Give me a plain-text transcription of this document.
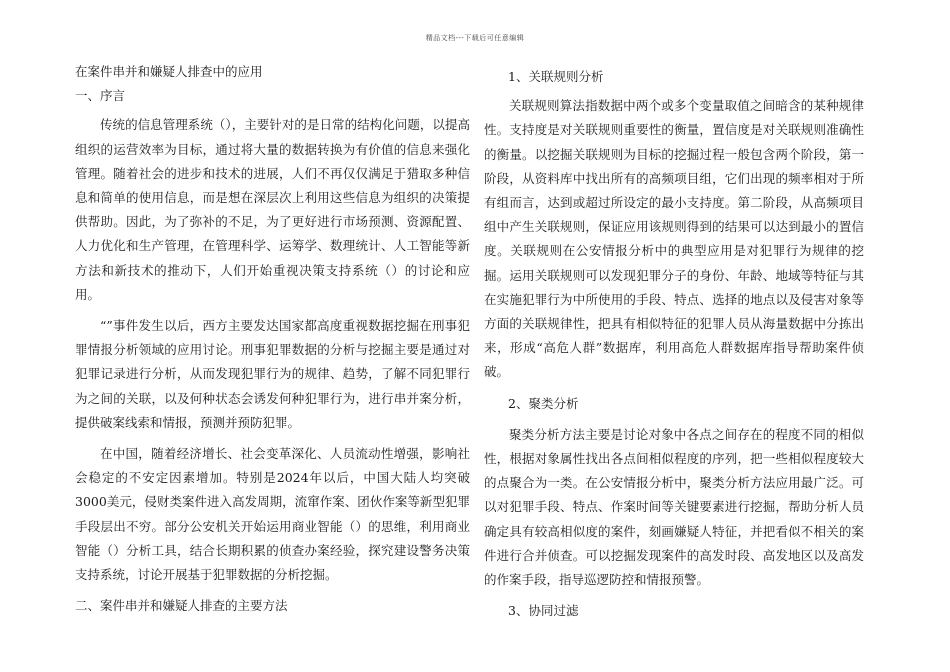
精品文档---下载后可任意编辑

在案件串并和嫌疑人排查中的应用

一、序言

传统的信息管理系统（），主要针对的是日常的结构化问题，以提高组织的运营效率为目标，通过将大量的数据转换为有价值的信息来强化管理。随着社会的进步和技术的进展，人们不再仅仅满足于猎取多种信息和简单的使用信息，而是想在深层次上利用这些信息为组织的决策提供帮助。因此，为了弥补的不足，为了更好进行市场预测、资源配置、人力优化和生产管理，在管理科学、运筹学、数理统计、人工智能等新方法和新技术的推动下，人们开始重视决策支持系统（）的讨论和应用。

“”事件发生以后，西方主要发达国家都高度重视数据挖掘在刑事犯罪情报分析领域的应用讨论。刑事犯罪数据的分析与挖掘主要是通过对犯罪记录进行分析，从而发现犯罪行为的规律、趋势，了解不同犯罪行为之间的关联，以及何种状态会诱发何种犯罪行为，进行串并案分析，提供破案线索和情报，预测并预防犯罪。

在中国，随着经济增长、社会变革深化、人员流动性增强，影响社会稳定的不安定因素增加。特别是2024年以后，中国大陆人均突破3000美元，侵财类案件进入高发周期，流窜作案、团伙作案等新型犯罪手段层出不穷。部分公安机关开始运用商业智能（）的思维，利用商业智能（）分析工具，结合长期积累的侦查办案经验，探究建设警务决策支持系统，讨论开展基于犯罪数据的分析挖掘。

二、案件串并和嫌疑人排查的主要方法

1、关联规则分析

关联规则算法指数据中两个或多个变量取值之间暗含的某种规律性。支持度是对关联规则重要性的衡量，置信度是对关联规则准确性的衡量。以挖掘关联规则为目标的挖掘过程一般包含两个阶段，第一阶段，从资料库中找出所有的高频项目组，它们出现的频率相对于所有组而言，达到或超过所设定的最小支持度。第二阶段，从高频项目组中产生关联规则，保证应用该规则得到的结果可以达到最小的置信度。关联规则在公安情报分析中的典型应用是对犯罪行为规律的挖掘。运用关联规则可以发现犯罪分子的身份、年龄、地域等特征与其在实施犯罪行为中所使用的手段、特点、选择的地点以及侵害对象等方面的关联规律性，把具有相似特征的犯罪人员从海量数据中分拣出来，形成“高危人群”数据库，利用高危人群数据库指导帮助案件侦破。

2、聚类分析

聚类分析方法主要是讨论对象中各点之间存在的程度不同的相似性，根据对象属性找出各点间相似程度的序列，把一些相似程度较大的点聚合为一类。在公安情报分析中，聚类分析方法应用最广泛。可以对犯罪手段、特点、作案时间等关键要素进行挖掘，帮助分析人员确定具有较高相似度的案件，刻画嫌疑人特征，并把看似不相关的案件进行合并侦查。可以挖掘发现案件的高发时段、高发地区以及高发的作案手段，指导巡逻防控和情报预警。

3、协同过滤
